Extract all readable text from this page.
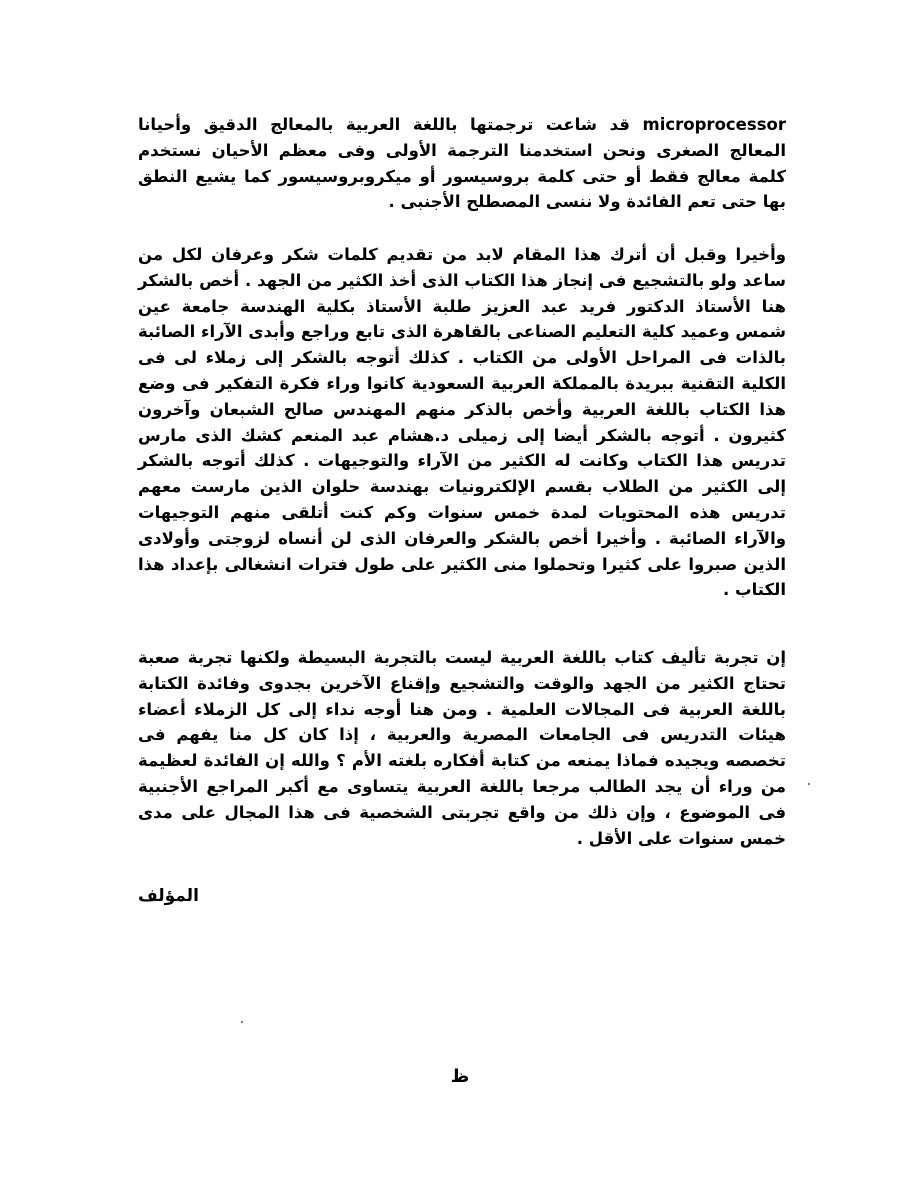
microprocessor قد شاعت ترجمتها باللغة العربية بالمعالج الدقيق وأحيانا المعالج الصغرى ونحن استخدمنا الترجمة الأولى وفى معظم الأحيان نستخدم كلمة معالج فقط أو حتى كلمة بروسيسور أو ميكروبروسيسور كما يشيع النطق بها حتى تعم الفائدة ولا ننسى المصطلح الأجنبى .

وأخيرا وقبل أن أترك هذا المقام لابد من تقديم كلمات شكر وعرفان لكل من ساعد ولو بالتشجيع فى إنجاز هذا الكتاب الذى أخذ الكثير من الجهد . أخص بالشكر هنا الأستاذ الدكتور فريد عبد العزيز طلبة الأستاذ بكلية الهندسة جامعة عين شمس وعميد كلية التعليم الصناعى بالقاهرة الذى تابع وراجع وأبدى الآراء الصائبة بالذات فى المراحل الأولى من الكتاب . كذلك أتوجه بالشكر إلى زملاء لى فى الكلية التقنية ببريدة بالمملكة العربية السعودية كانوا وراء فكرة التفكير فى وضع هذا الكتاب باللغة العربية وأخص بالذكر منهم المهندس صالح الشبعان وآخرون كثيرون . أتوجه بالشكر أيضا إلى زميلى د.هشام عبد المنعم كشك الذى مارس تدريس هذا الكتاب وكانت له الكثير من الآراء والتوجيهات . كذلك أتوجه بالشكر إلى الكثير من الطلاب بقسم الإلكترونيات بهندسة حلوان الذين مارست معهم تدريس هذه المحتويات لمدة خمس سنوات وكم كنت أتلقى منهم التوجيهات والآراء الصائبة . وأخيرا أخص بالشكر والعرفان الذى لن أنساه لزوجتى وأولادى الذين صبروا على كثيرا وتحملوا منى الكثير على طول فترات انشغالى بإعداد هذا الكتاب .

إن تجربة تأليف كتاب باللغة العربية ليست بالتجربة البسيطة ولكنها تجربة صعبة تحتاج الكثير من الجهد والوقت والتشجيع وإقناع الآخرين بجدوى وفائدة الكتابة باللغة العربية فى المجالات العلمية . ومن هنا أوجه نداء إلى كل الزملاء أعضاء هيئات التدريس فى الجامعات المصرية والعربية ، إذا كان كل منا يفهم فى تخصصه ويجيده فماذا يمنعه من كتابة أفكاره بلغته الأم ؟ والله إن الفائدة لعظيمة من وراء أن يجد الطالب مرجعا باللغة العربية يتساوى مع أكبر المراجع الأجنبية فى الموضوع ، وإن ذلك من واقع تجربتى الشخصية فى هذا المجال على مدى خمس سنوات على الأقل .

المؤلف

ظ
